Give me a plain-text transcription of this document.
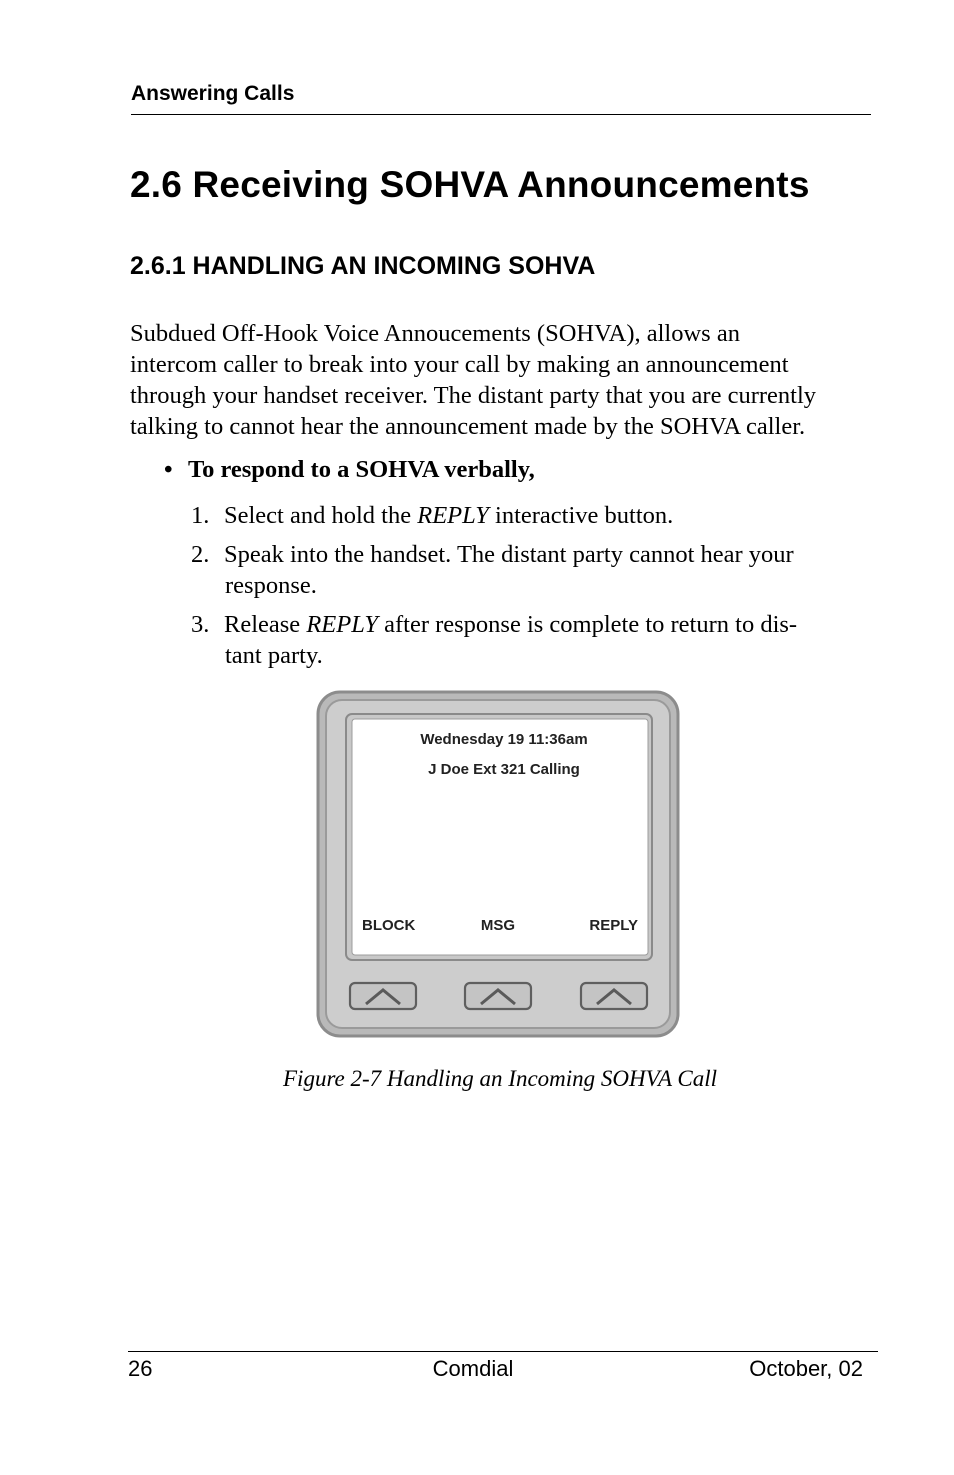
Answering Calls
2.6 Receiving SOHVA Announcements
2.6.1 HANDLING AN INCOMING SOHVA

Subdued Off-Hook Voice Annoucements (SOHVA), allows an
intercom caller to break into your call by making an announcement
through your handset receiver. The distant party that you are currently
talking to cannot hear the announcement made by the SOHVA caller.

• To respond to a SOHVA verbally,
1. Select and hold the REPLY interactive button.
2. Speak into the handset. The distant party cannot hear your
response.
3. Release REPLY after response is complete to return to dis-
tant party.
Wednesday 19 11:36am
J Doe Ext 321 Calling
BLOCK	MSG	REPLY
Figure 2-7 Handling an Incoming SOHVA Call
26	Comdial	October, 02
